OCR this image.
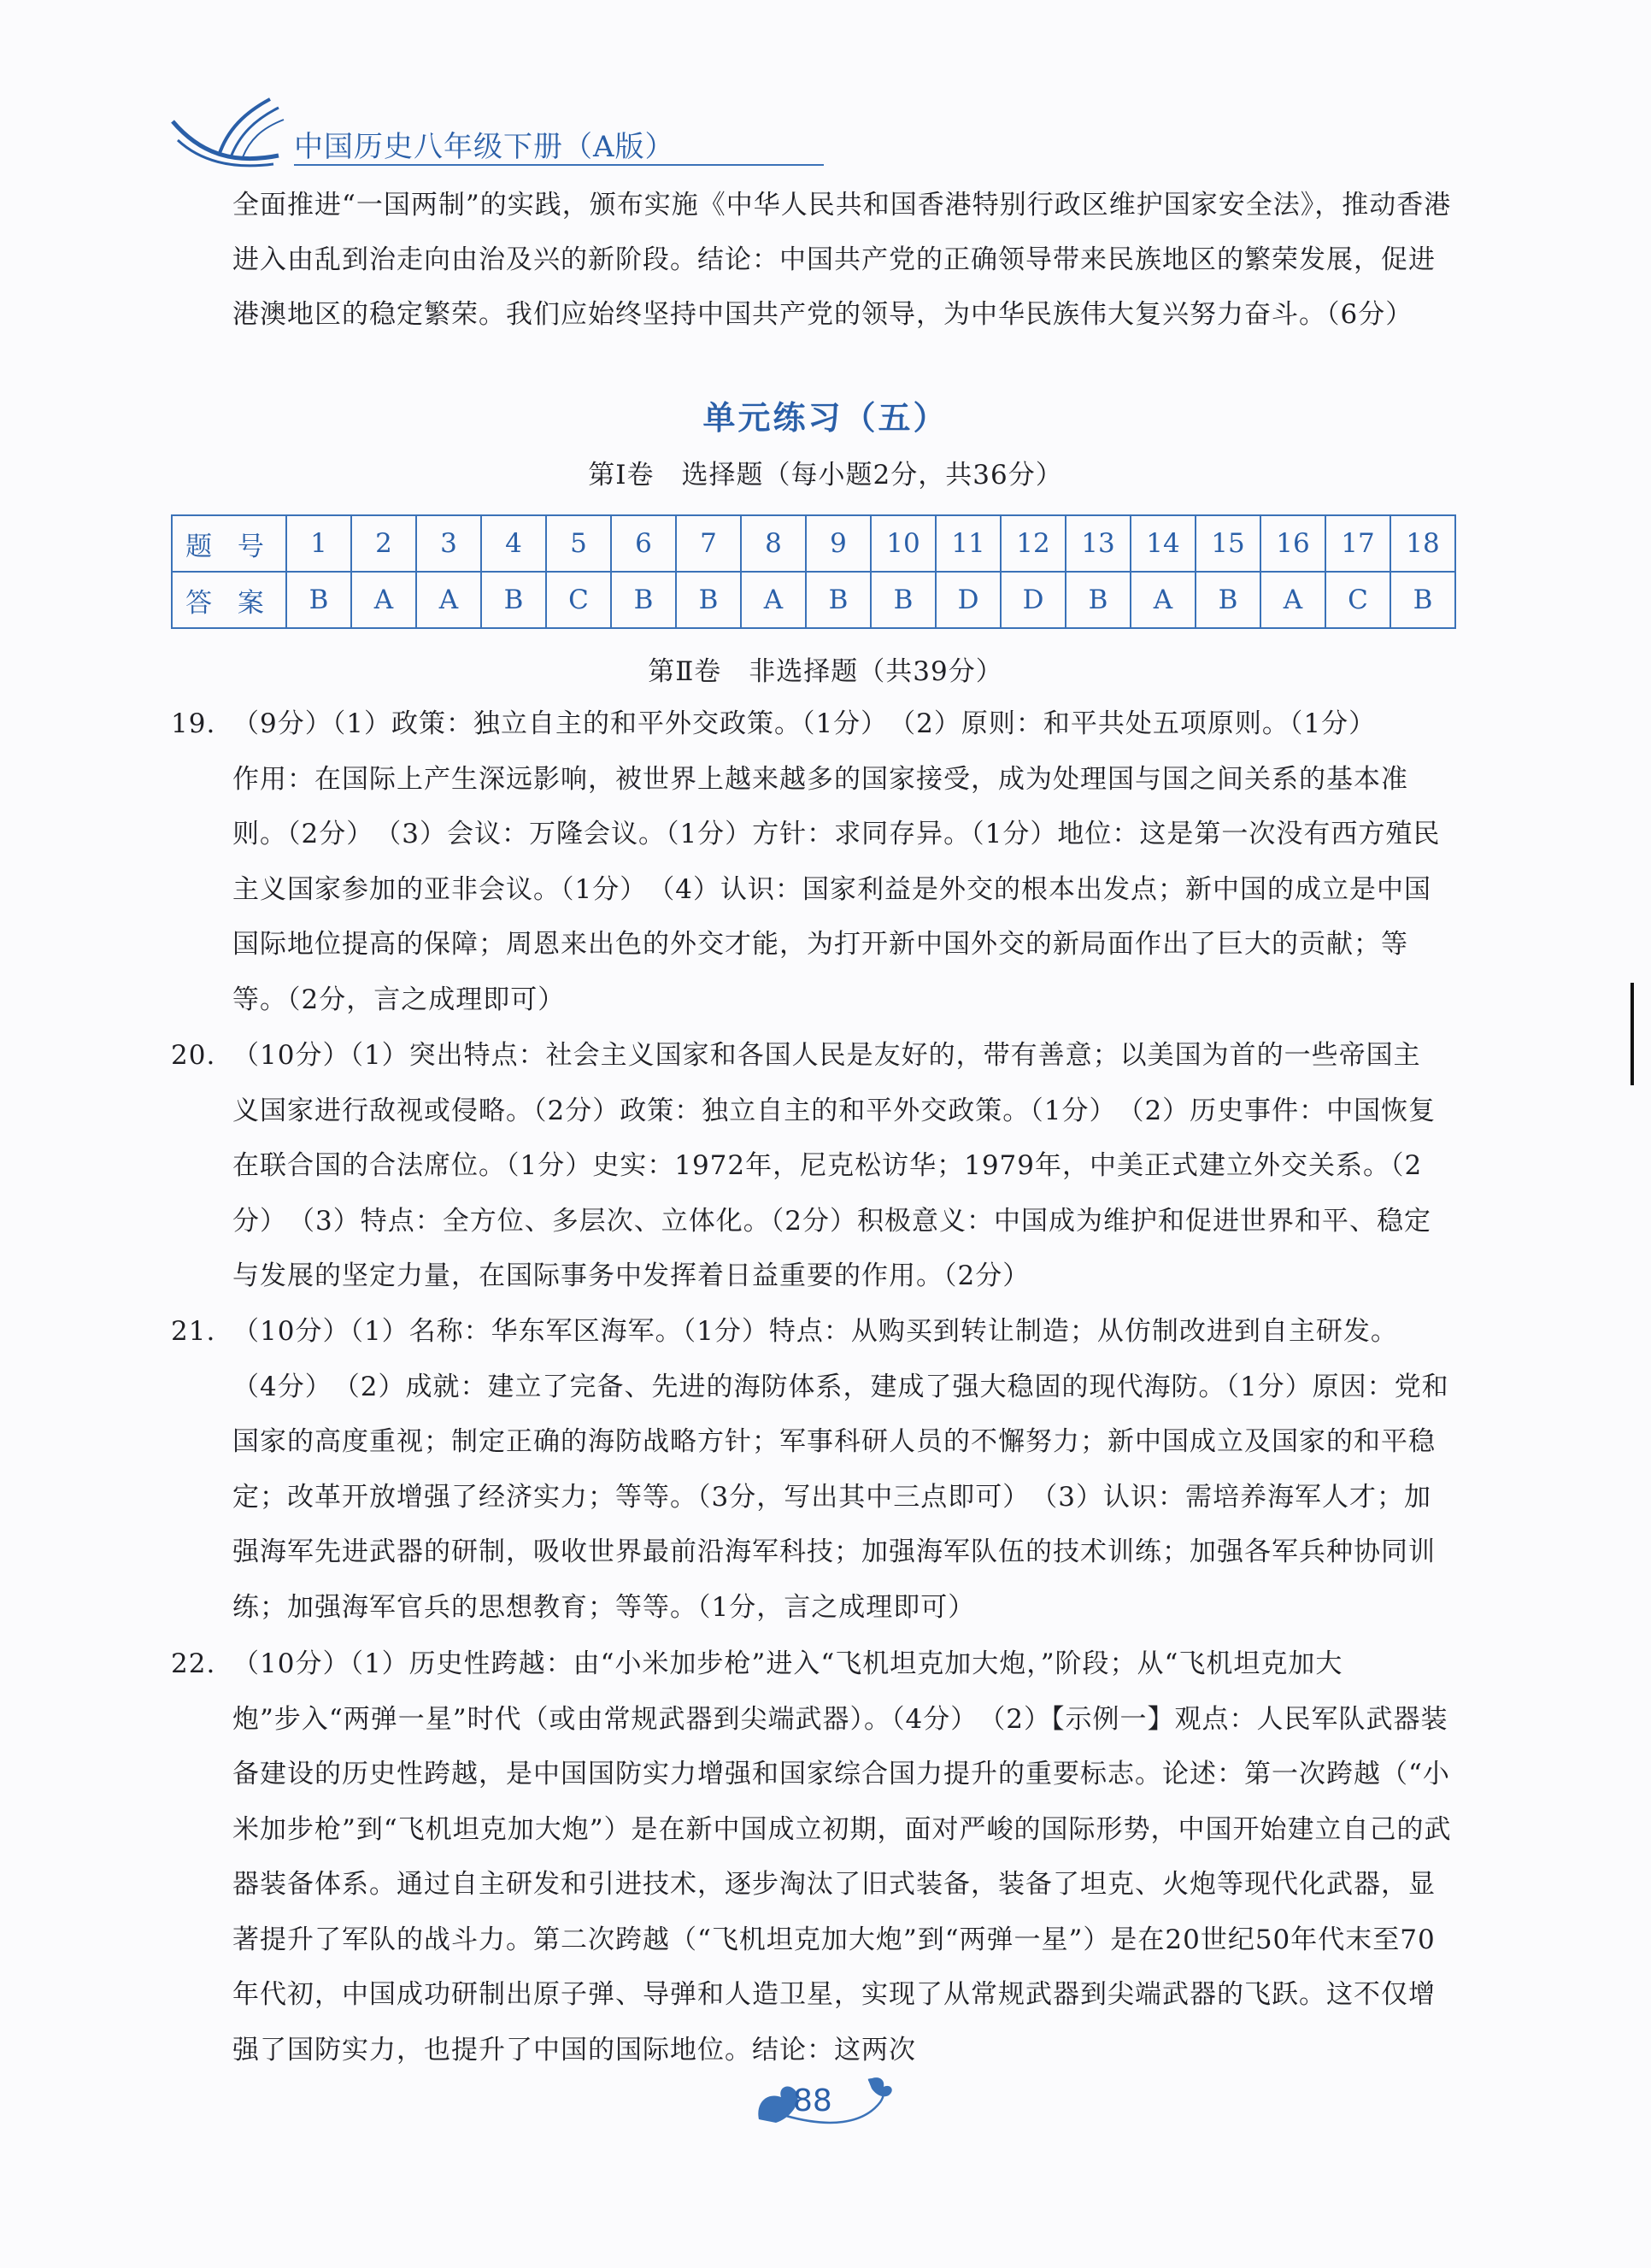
中国历史八年级下册（A版）
全面推进“一国两制”的实践，颁布实施《中华人民共和国香港特别行政区维护国家安全法》，推动香港进入由乱到治走向由治及兴的新阶段。结论：中国共产党的正确领导带来民族地区的繁荣发展，促进港澳地区的稳定繁荣。我们应始终坚持中国共产党的领导，为中华民族伟大复兴努力奋斗。（6分）
单元练习（五）
第Ⅰ卷　选择题（每小题2分，共36分）
题 号	1	2	3	4	5	6	7	8	9	10	11	12	13	14	15	16	17	18
答 案	B	A	A	B	C	B	B	A	B	B	D	D	B	A	B	A	C	B
第Ⅱ卷　非选择题（共39分）
19. （9分）（1）政策：独立自主的和平外交政策。（1分）　（2）原则：和平共处五项原则。（1分）
作用：在国际上产生深远影响，被世界上越来越多的国家接受，成为处理国与国之间关系的基本准则。（2分）　（3）会议：万隆会议。（1分）方针：求同存异。（1分）地位：这是第一次没有西方殖民主义国家参加的亚非会议。（1分）　（4）认识：国家利益是外交的根本出发点；新中国的成立是中国国际地位提高的保障；周恩来出色的外交才能，为打开新中国外交的新局面作出了巨大的贡献；等等。（2分，言之成理即可）
20. （10分）（1）突出特点：社会主义国家和各国人民是友好的，带有善意；以美国为首的一些帝国主
义国家进行敌视或侵略。（2分）政策：独立自主的和平外交政策。（1分）　（2）历史事件：中国恢复在联合国的合法席位。（1分）史实：1972年，尼克松访华；1979年，中美正式建立外交关系。（2分）　（3）特点：全方位、多层次、立体化。（2分）积极意义：中国成为维护和促进世界和平、稳定与发展的坚定力量，在国际事务中发挥着日益重要的作用。（2分）
21. （10分）（1）名称：华东军区海军。（1分）特点：从购买到转让制造；从仿制改进到自主研发。
（4分）　（2）成就：建立了完备、先进的海防体系，建成了强大稳固的现代海防。（1分）原因：党和国家的高度重视；制定正确的海防战略方针；军事科研人员的不懈努力；新中国成立及国家的和平稳定；改革开放增强了经济实力；等等。（3分，写出其中三点即可）　（3）认识：需培养海军人才；加强海军先进武器的研制，吸收世界最前沿海军科技；加强海军队伍的技术训练；加强各军兵种协同训练；加强海军官兵的思想教育；等等。（1分，言之成理即可）
22. （10分）（1）历史性跨越：由“小米加步枪”进入“飞机坦克加大炮，”阶段；从“飞机坦克加大
炮”步入“两弹一星”时代（或由常规武器到尖端武器）。（4分）　（2）【示例一】观点：人民军队武器装备建设的历史性跨越，是中国国防实力增强和国家综合国力提升的重要标志。论述：第一次跨越（“小米加步枪”到“飞机坦克加大炮”）是在新中国成立初期，面对严峻的国际形势，中国开始建立自己的武器装备体系。通过自主研发和引进技术，逐步淘汰了旧式装备，装备了坦克、火炮等现代化武器，显著提升了军队的战斗力。第二次跨越（“飞机坦克加大炮”到“两弹一星”）是在20世纪50年代末至70年代初，中国成功研制出原子弹、导弹和人造卫星，实现了从常规武器到尖端武器的飞跃。这不仅增强了国防实力，也提升了中国的国际地位。结论：这两次
88
